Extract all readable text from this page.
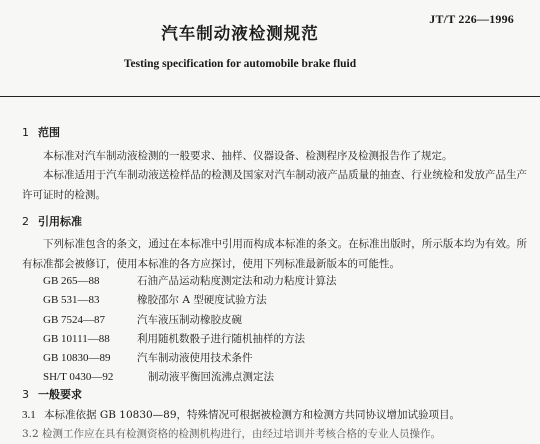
JT/T 226—1996
汽车制动液检测规范
Testing specification for automobile brake fluid
1 范围
本标准对汽车制动液检测的一般要求、抽样、仪器设备、检测程序及检测报告作了规定。
本标准适用于汽车制动液送检样品的检测及国家对汽车制动液产品质量的抽查、行业统检和发放产品生产许可证时的检测。
2 引用标准
下列标准包含的条文，通过在本标准中引用而构成本标准的条文。在标准出版时，所示版本均为有效。所有标准都会被修订，使用本标准的各方应探讨，使用下列标准最新版本的可能性。
GB 265—88	石油产品运动粘度测定法和动力粘度计算法
GB 531—83	橡胶邵尔 A 型硬度试验方法
GB 7524—87	汽车液压制动橡胶皮碗
GB 10111—88	利用随机数骰子进行随机抽样的方法
GB 10830—89	汽车制动液使用技术条件
SH/T 0430—92	制动液平衡回流沸点测定法
3 一般要求
3.1 本标准依据 GB 10830—89，特殊情况可根据被检测方和检测方共同协议增加试验项目。
3.2 检测工作应在具有检测资格的检测机构进行，由经过培训并考核合格的专业人员操作。
